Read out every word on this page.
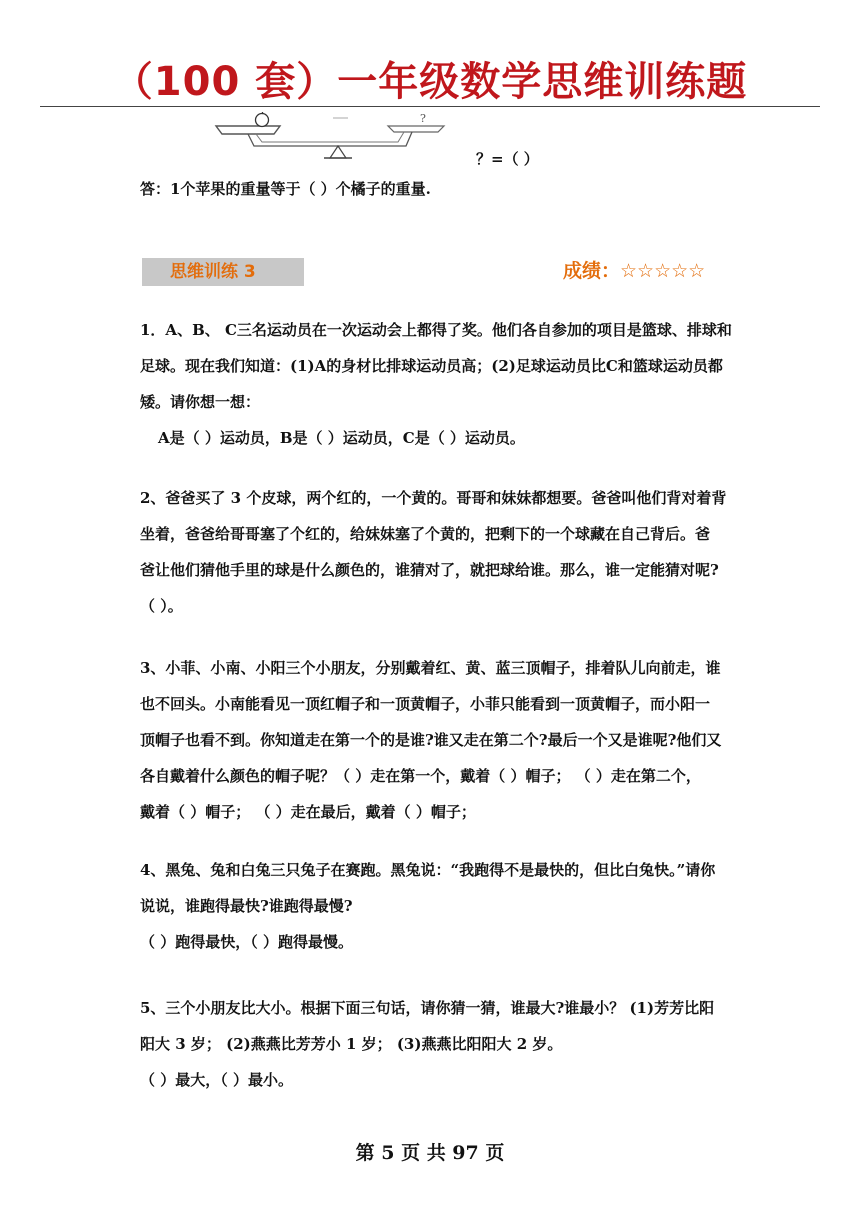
（100 套）一年级数学思维训练题
?
？=（ ）
答：1个苹果的重量等于（ ）个橘子的重量.
思维训练 3	成绩：☆☆☆☆☆

1．A、B、 C三名运动员在一次运动会上都得了奖。他们各自参加的项目是篮球、排球和

足球。现在我们知道：(1)A的身材比排球运动员高；(2)足球运动员比C和篮球运动员都

矮。请你想一想：

A是（ ）运动员，B是（ ）运动员，C是（ ）运动员。

2、爸爸买了 3 个皮球，两个红的，一个黄的。哥哥和妹妹都想要。爸爸叫他们背对着背

坐着，爸爸给哥哥塞了个红的，给妹妹塞了个黄的，把剩下的一个球藏在自己背后。爸

爸让他们猜他手里的球是什么颜色的，谁猜对了，就把球给谁。那么，谁一定能猜对呢?

（ ）。

3、小菲、小南、小阳三个小朋友，分别戴着红、黄、蓝三顶帽子，排着队儿向前走，谁

也不回头。小南能看见一顶红帽子和一顶黄帽子，小菲只能看到一顶黄帽子，而小阳一

顶帽子也看不到。你知道走在第一个的是谁?谁又走在第二个?最后一个又是谁呢?他们又

各自戴着什么颜色的帽子呢？（ ）走在第一个，戴着（ ）帽子； （ ）走在第二个，

戴着（ ）帽子； （ ）走在最后，戴着（ ）帽子；

4、黑兔、兔和白兔三只兔子在赛跑。黑兔说：“我跑得不是最快的，但比白兔快。”请你

说说，谁跑得最快?谁跑得最慢?

（ ）跑得最快，（ ）跑得最慢。

5、三个小朋友比大小。根据下面三句话，请你猜一猜，谁最大?谁最小？ (1)芳芳比阳

阳大 3 岁； (2)燕燕比芳芳小 1 岁； (3)燕燕比阳阳大 2 岁。

（ ）最大，（ ）最小。

第 5 页 共 97 页
